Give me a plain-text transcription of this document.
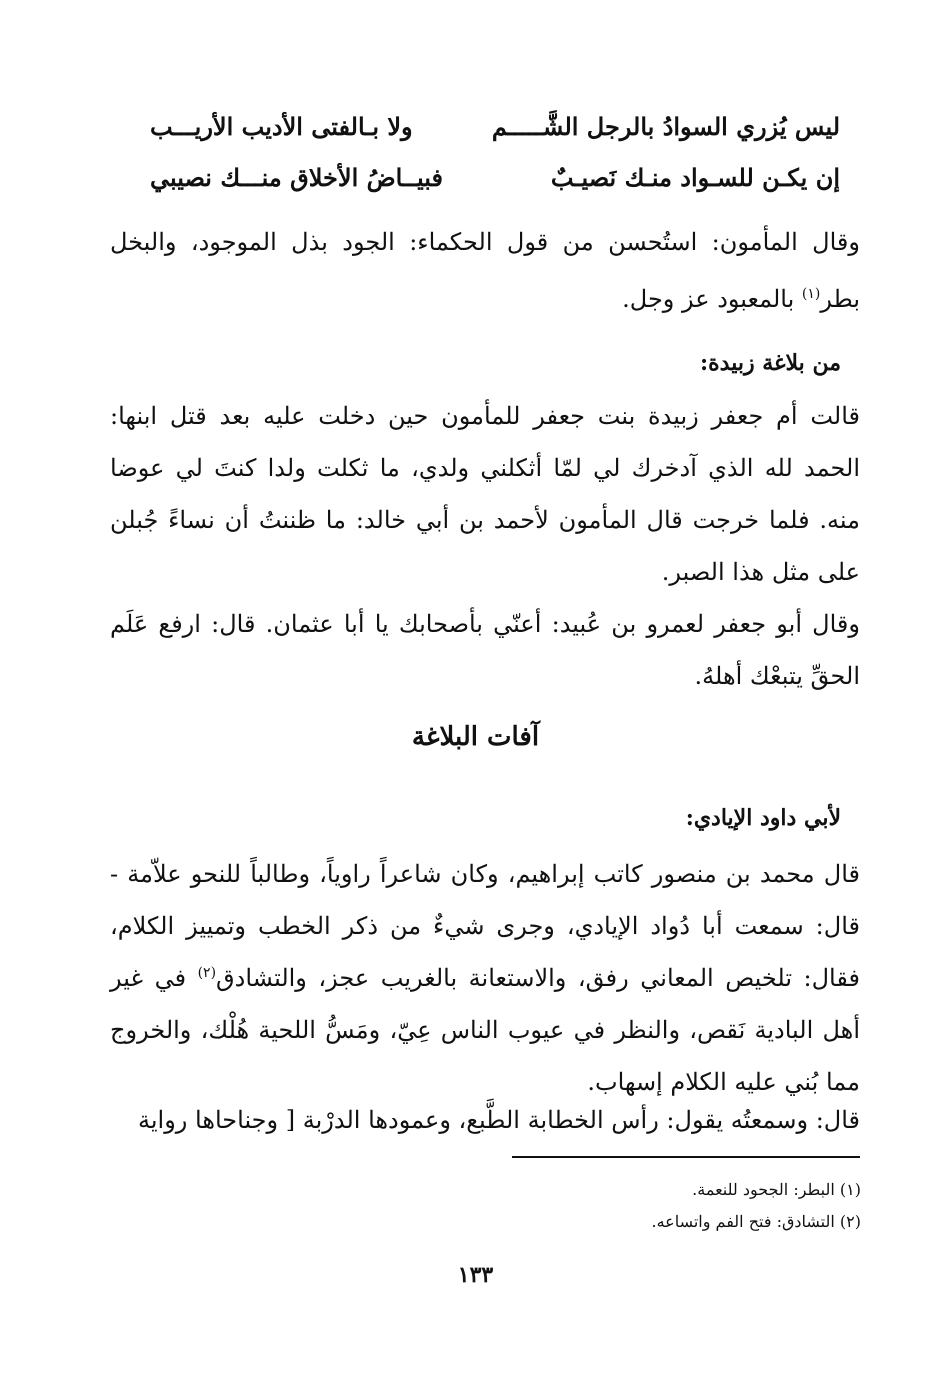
ليس يُزري السوادُ بالرجل الشَّـــــم
ولا بـالفتى الأديب الأريـــب
إن يكـن للسـواد منـك نَصيـبٌ
فبيــاضُ الأخلاق منـــك نصيبي
وقال المأمون: استُحسن من قول الحكماء: الجود بذل الموجود، والبخل بطر$^{(١)}$ بالمعبود عز وجل.
من بلاغة زبيدة:
قالت أم جعفر زبيدة بنت جعفر للمأمون حين دخلت عليه بعد قتل ابنها: الحمد لله الذي آدخرك لي لمّا أثكلني ولدي، ما ثكلت ولدا كنتَ لي عوضا منه. فلما خرجت قال المأمون لأحمد بن أبي خالد: ما ظننتُ أن نساءً جُبلن على مثل هذا الصبر.
وقال أبو جعفر لعمرو بن عُبيد: أعنّي بأصحابك يا أبا عثمان. قال: ارفع عَلَم الحقِّ يتبعْك أهلهُ.
آفات البلاغة
لأبي داود الإيادي:
قال محمد بن منصور كاتب إبراهيم، وكان شاعراً راوياً، وطالباً للنحو علاّمة - قال: سمعت أبا دُواد الإيادي، وجرى شيءٌ من ذكر الخطب وتمييز الكلام، فقال: تلخيص المعاني رفق، والاستعانة بالغريب عجز، والتشادق$^{(٢)}$ في غير أهل البادية نَقص، والنظر في عيوب الناس عِيّ، ومَسُّ اللحية هُلْك، والخروج مما بُني عليه الكلام إسهاب.
قال: وسمعتُه يقول: رأس الخطابة الطَّبع، وعمودها الدرْبة [ وجناحاها رواية
(١) البطر: الجحود للنعمة.
(٢) التشادق: فتح الفم واتساعه.
١٣٣
